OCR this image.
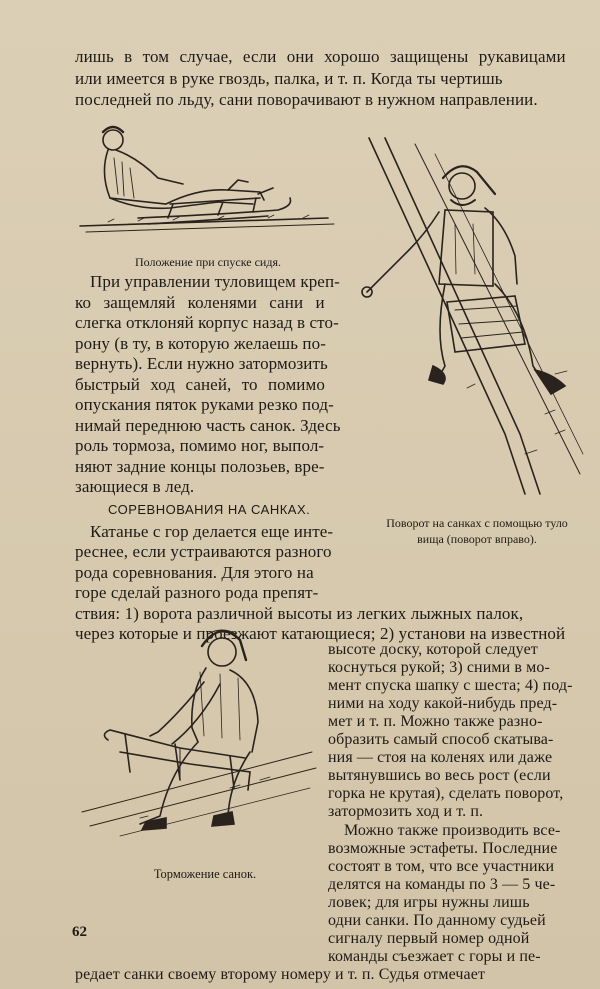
лишь в том случае, если они хорошо защищены рукавицами
или имеется в руке гвоздь, палка, и т. п. Когда ты чертишь
последней по льду, сани поворачивают в нужном направлении.
Положение при спуске сидя.
Поворот на санках с помощью туло
вища (поворот вправо).
При управлении туловищем креп-
ко защемляй коленями сани и
слегка отклоняй корпус назад в сто-
рону (в ту, в которую желаешь по-
вернуть). Если нужно затормозить
быстрый ход саней, то помимо
опускания пяток руками резко под-
нимай переднюю часть санок. Здесь
роль тормоза, помимо ног, выпол-
няют задние концы полозьев, вре-
зающиеся в лед.
СОРЕВНОВАНИЯ НА САНКАХ.
Катанье с гор делается еще инте-
реснее, если устраиваются разного
рода соревнования. Для этого на
горе сделай разного рода препят-
ствия: 1) ворота различной высоты из легких лыжных палок,
через которые и проезжают катающиеся; 2) установи на известной
высоте доску, которой следует
коснуться рукой; 3) сними в мо-
мент спуска шапку с шеста; 4) под-
ними на ходу какой-нибудь пред-
мет и т. п. Можно также разно-
образить самый способ скатыва-
ния — стоя на коленях или даже
вытянувшись во весь рост (если
горка не крутая), сделать поворот,
затормозить ход и т. п.
Торможение санок.
Можно также производить все-
возможные эстафеты. Последние
состоят в том, что все участники
делятся на команды по 3 — 5 че-
ловек; для игры нужны лишь
одни санки. По данному судьей
62	сигналу первый номер одной
команды съезжает с горы и пе-
редает санки своему второму номеру и т. п. Судья отмечает
